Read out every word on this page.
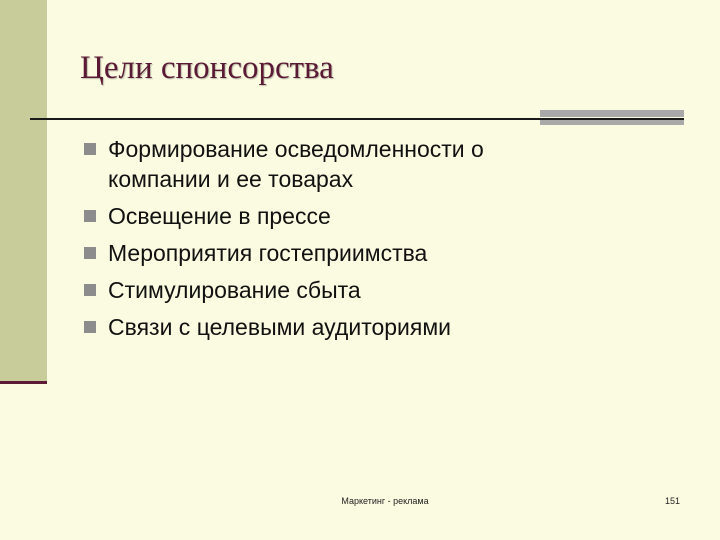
Цели спонсорства
Формирование осведомленности о компании и ее товарах
Освещение в прессе
Мероприятия гостеприимства
Стимулирование сбыта
Связи с целевыми аудиториями
Маркетинг - реклама	151
